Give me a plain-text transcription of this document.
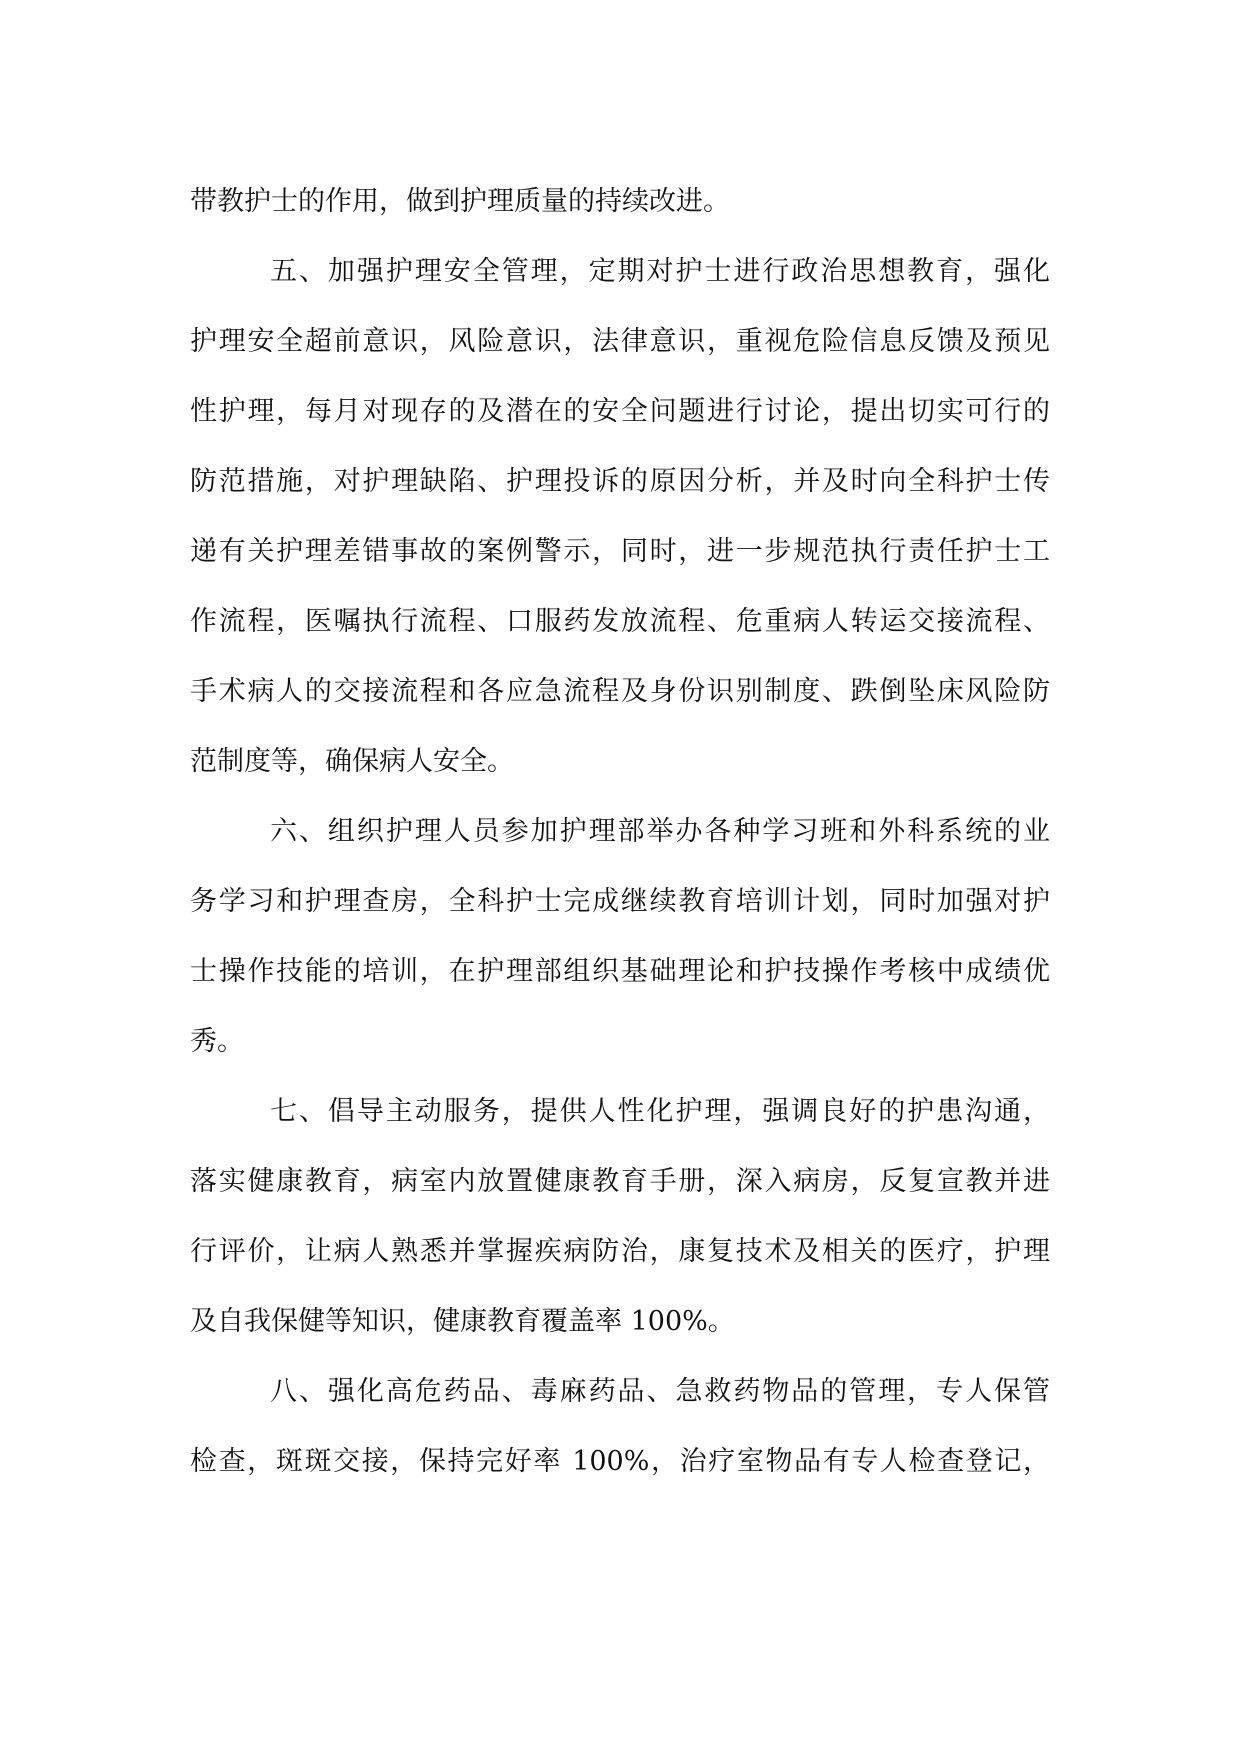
带教护士的作用，做到护理质量的持续改进。
五、加强护理安全管理，定期对护士进行政治思想教育，强化
护理安全超前意识，风险意识，法律意识，重视危险信息反馈及预见
性护理，每月对现存的及潜在的安全问题进行讨论，提出切实可行的
防范措施，对护理缺陷、护理投诉的原因分析，并及时向全科护士传
递有关护理差错事故的案例警示，同时，进一步规范执行责任护士工
作流程，医嘱执行流程、口服药发放流程、危重病人转运交接流程、
手术病人的交接流程和各应急流程及身份识别制度、跌倒坠床风险防
范制度等，确保病人安全。
六、组织护理人员参加护理部举办各种学习班和外科系统的业
务学习和护理查房，全科护士完成继续教育培训计划，同时加强对护
士操作技能的培训，在护理部组织基础理论和护技操作考核中成绩优
秀。
七、倡导主动服务，提供人性化护理，强调良好的护患沟通，
落实健康教育，病室内放置健康教育手册，深入病房，反复宣教并进
行评价，让病人熟悉并掌握疾病防治，康复技术及相关的医疗，护理
及自我保健等知识，健康教育覆盖率 100%。
八、强化高危药品、毒麻药品、急救药物品的管理，专人保管
检查，斑斑交接，保持完好率 100%，治疗室物品有专人检查登记，
